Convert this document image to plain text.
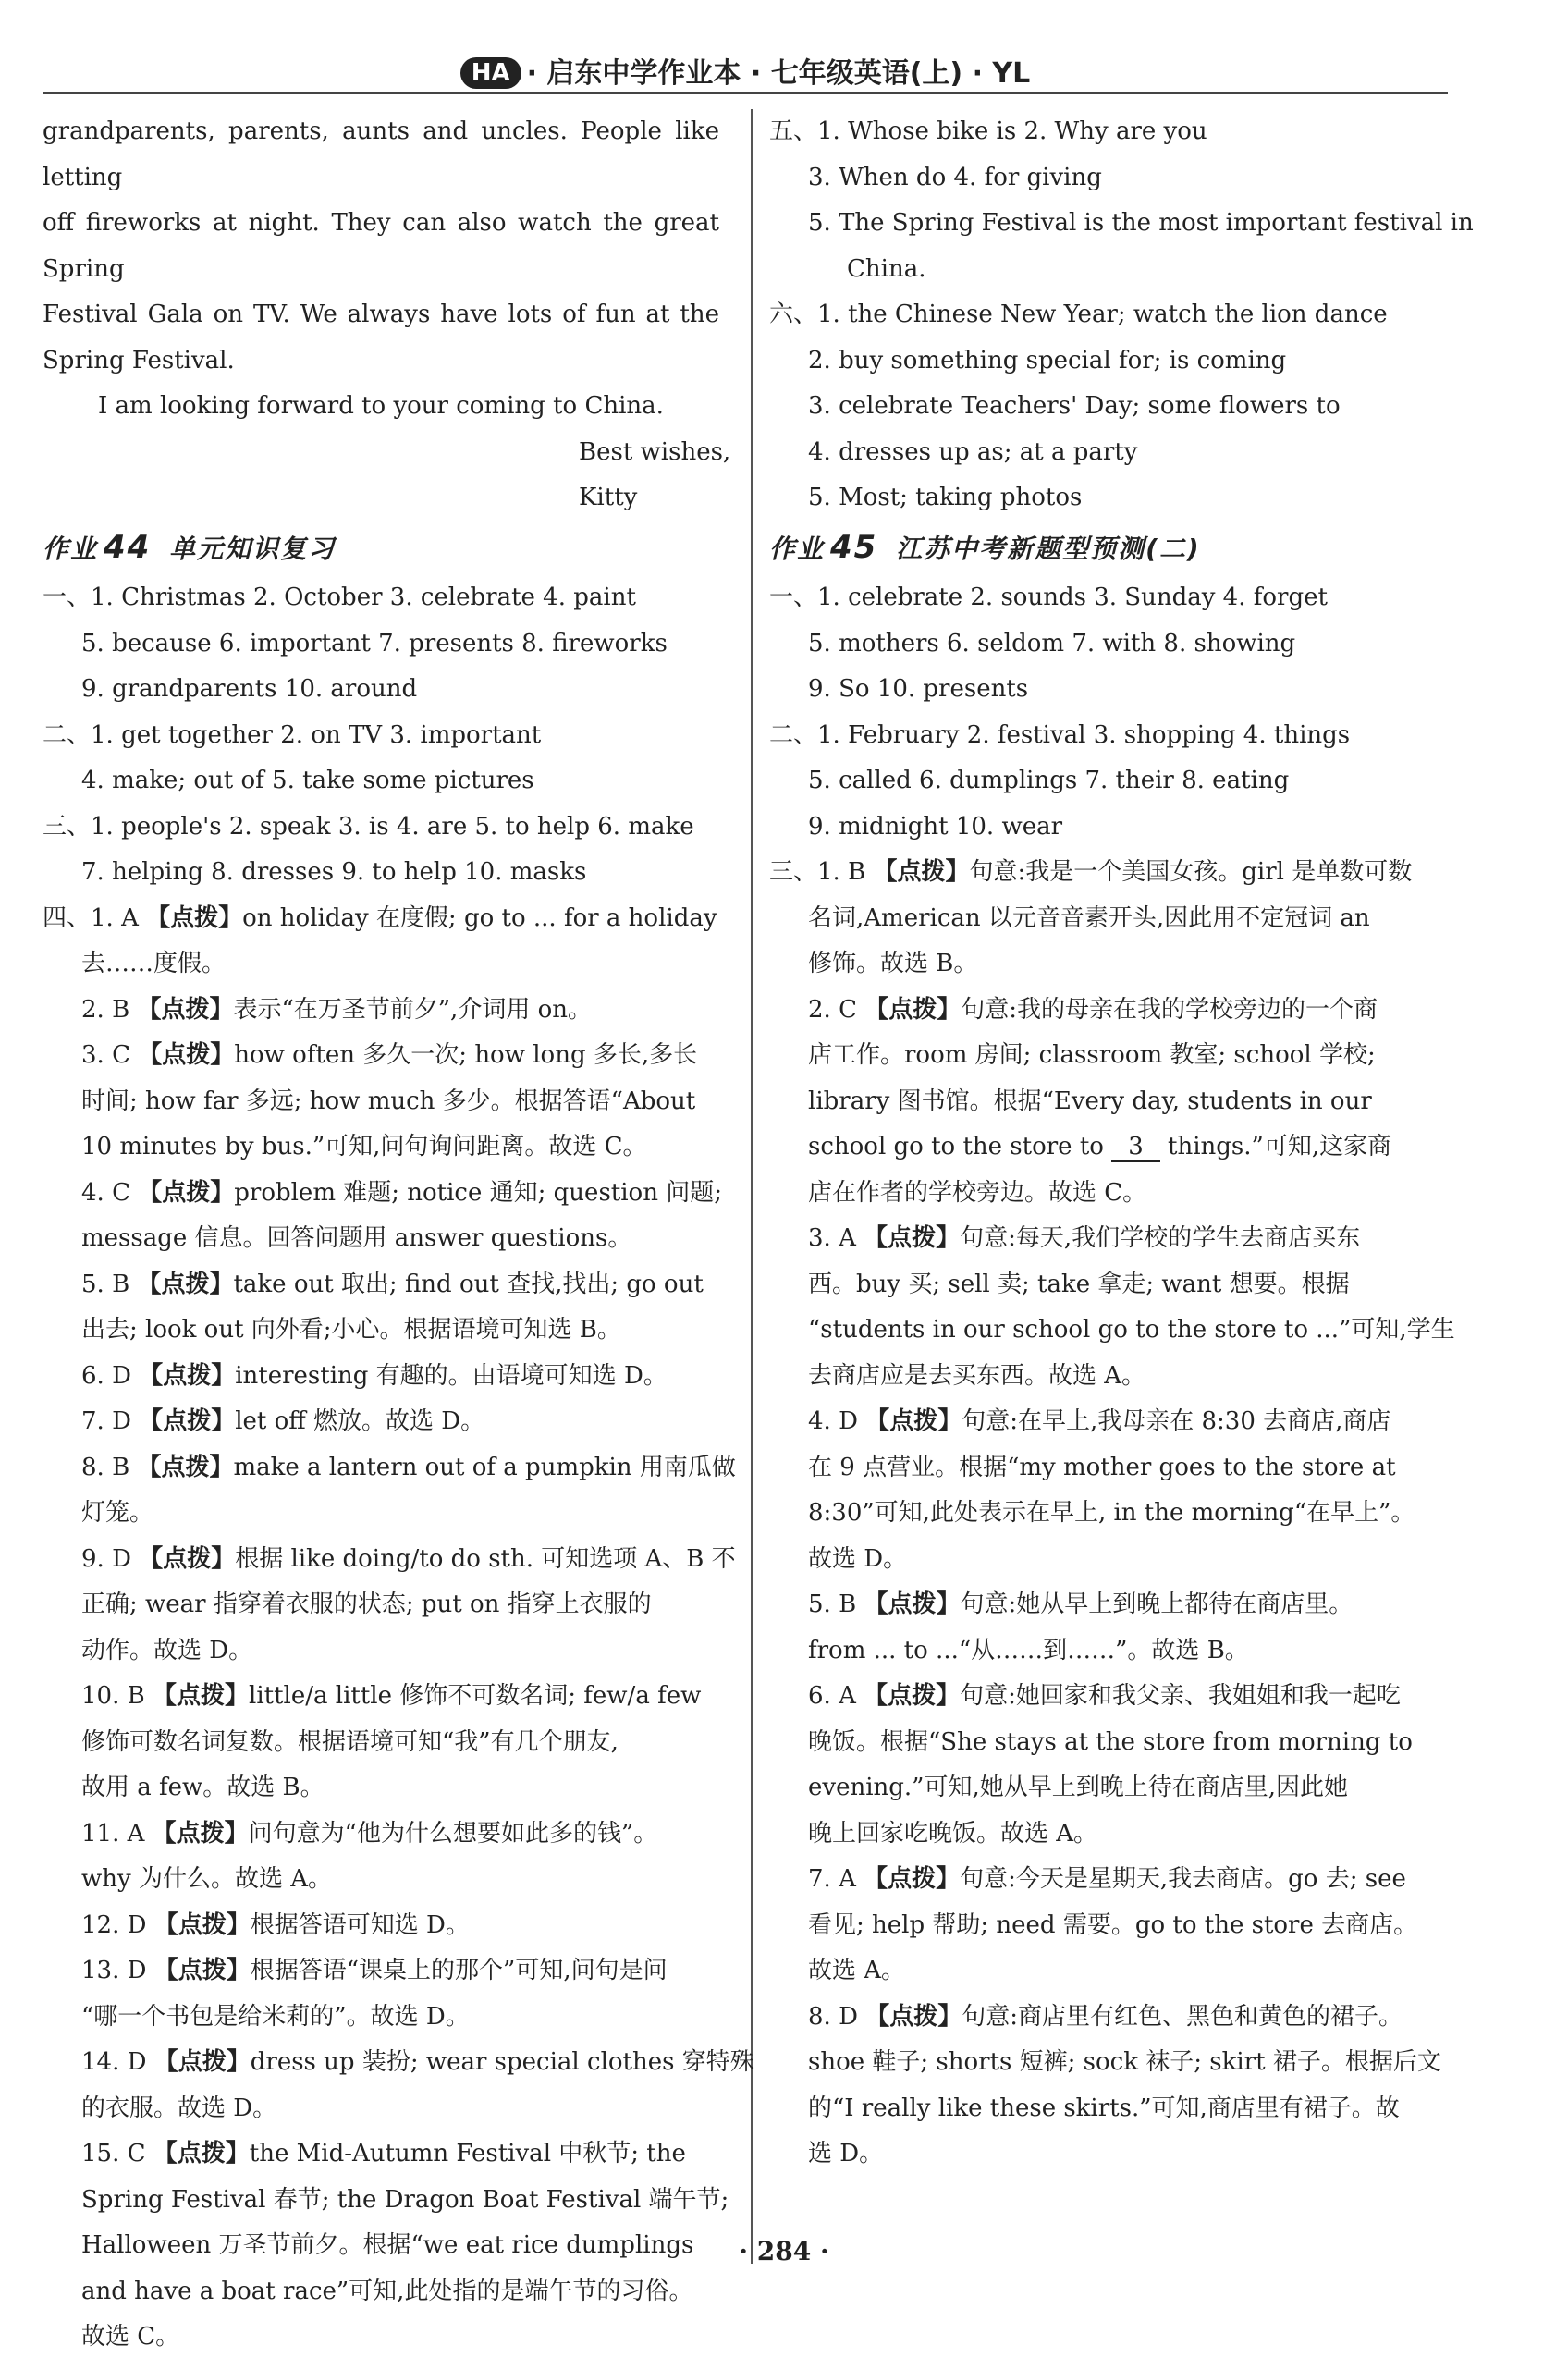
HA · 启东中学作业本 · 七年级英语(上) · YL
grandparents, parents, aunts and uncles. People like letting
off fireworks at night. They can also watch the great Spring
Festival Gala on TV. We always have lots of fun at the
Spring Festival.
I am looking forward to your coming to China.
Best wishes,
Kitty
作业 44 单元知识复习
一、1. Christmas 2. October 3. celebrate 4. paint
5. because 6. important 7. presents 8. fireworks
9. grandparents 10. around
二、1. get together 2. on TV 3. important
4. make; out of 5. take some pictures
三、1. people's 2. speak 3. is 4. are 5. to help 6. make
7. helping 8. dresses 9. to help 10. masks
四、1. A 【点拨】on holiday 在度假; go to ... for a holiday
去……度假。
2. B 【点拨】表示“在万圣节前夕”,介词用 on。
3. C 【点拨】how often 多久一次; how long 多长,多长
时间; how far 多远; how much 多少。根据答语“About
10 minutes by bus.”可知,问句询问距离。故选 C。
4. C 【点拨】problem 难题; notice 通知; question 问题;
message 信息。回答问题用 answer questions。
5. B 【点拨】take out 取出; find out 查找,找出; go out
出去; look out 向外看;小心。根据语境可知选 B。
6. D 【点拨】interesting 有趣的。由语境可知选 D。
7. D 【点拨】let off 燃放。故选 D。
8. B 【点拨】make a lantern out of a pumpkin 用南瓜做
灯笼。
9. D 【点拨】根据 like doing/to do sth. 可知选项 A、B 不
正确; wear 指穿着衣服的状态; put on 指穿上衣服的
动作。故选 D。
10. B 【点拨】little/a little 修饰不可数名词; few/a few
修饰可数名词复数。根据语境可知“我”有几个朋友,
故用 a few。故选 B。
11. A 【点拨】问句意为“他为什么想要如此多的钱”。
why 为什么。故选 A。
12. D 【点拨】根据答语可知选 D。
13. D 【点拨】根据答语“课桌上的那个”可知,问句是问
“哪一个书包是给米莉的”。故选 D。
14. D 【点拨】dress up 装扮; wear special clothes 穿特殊
的衣服。故选 D。
15. C 【点拨】the Mid-Autumn Festival 中秋节; the
Spring Festival 春节; the Dragon Boat Festival 端午节;
Halloween 万圣节前夕。根据“we eat rice dumplings
and have a boat race”可知,此处指的是端午节的习俗。
故选 C。
五、1. Whose bike is 2. Why are you
3. When do 4. for giving
5. The Spring Festival is the most important festival in
China.
六、1. the Chinese New Year; watch the lion dance
2. buy something special for; is coming
3. celebrate Teachers' Day; some flowers to
4. dresses up as; at a party
5. Most; taking photos
作业 45 江苏中考新题型预测(二)
一、1. celebrate 2. sounds 3. Sunday 4. forget
5. mothers 6. seldom 7. with 8. showing
9. So 10. presents
二、1. February 2. festival 3. shopping 4. things
5. called 6. dumplings 7. their 8. eating
9. midnight 10. wear
三、1. B 【点拨】句意:我是一个美国女孩。girl 是单数可数
名词,American 以元音音素开头,因此用不定冠词 an
修饰。故选 B。
2. C 【点拨】句意:我的母亲在我的学校旁边的一个商
店工作。room 房间; classroom 教室; school 学校;
library 图书馆。根据“Every day, students in our
school go to the store to 3 things.”可知,这家商
店在作者的学校旁边。故选 C。
3. A 【点拨】句意:每天,我们学校的学生去商店买东
西。buy 买; sell 卖; take 拿走; want 想要。根据
“students in our school go to the store to ...”可知,学生
去商店应是去买东西。故选 A。
4. D 【点拨】句意:在早上,我母亲在 8:30 去商店,商店
在 9 点营业。根据“my mother goes to the store at
8:30”可知,此处表示在早上, in the morning“在早上”。
故选 D。
5. B 【点拨】句意:她从早上到晚上都待在商店里。
from ... to ...“从……到……”。故选 B。
6. A 【点拨】句意:她回家和我父亲、我姐姐和我一起吃
晚饭。根据“She stays at the store from morning to
evening.”可知,她从早上到晚上待在商店里,因此她
晚上回家吃晚饭。故选 A。
7. A 【点拨】句意:今天是星期天,我去商店。go 去; see
看见; help 帮助; need 需要。go to the store 去商店。
故选 A。
8. D 【点拨】句意:商店里有红色、黑色和黄色的裙子。
shoe 鞋子; shorts 短裤; sock 袜子; skirt 裙子。根据后文
的“I really like these skirts.”可知,商店里有裙子。故
选 D。
· 284 ·
